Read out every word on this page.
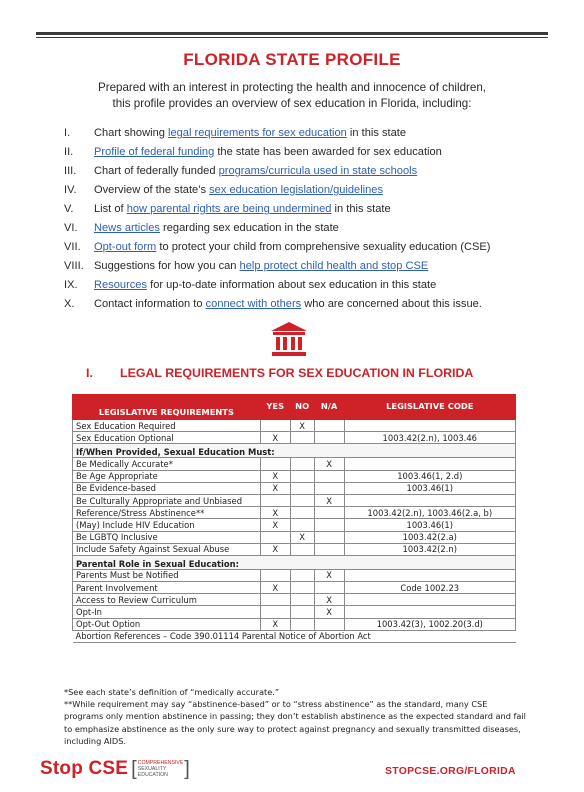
FLORIDA STATE PROFILE
Prepared with an interest in protecting the health and innocence of children,
this profile provides an overview of sex education in Florida, including:
I. Chart showing legal requirements for sex education in this state
II. Profile of federal funding the state has been awarded for sex education
III. Chart of federally funded programs/curricula used in state schools
IV. Overview of the state’s sex education legislation/guidelines
V. List of how parental rights are being undermined in this state
VI. News articles regarding sex education in the state
VII. Opt-out form to protect your child from comprehensive sexuality education (CSE)
VIII. Suggestions for how you can help protect child health and stop CSE
IX. Resources for up-to-date information about sex education in this state
X. Contact information to connect with others who are concerned about this issue.
I. LEGAL REQUIREMENTS FOR SEX EDUCATION IN FLORIDA
LEGISLATIVE REQUIREMENTS	YES	NO	N/A	LEGISLATIVE CODE
Sex Education Required		X		
Sex Education Optional	X			1003.42(2.n), 1003.46
If/When Provided, Sexual Education Must:				
Be Medically Accurate*			X	
Be Age Appropriate	X			1003.46(1, 2.d)
Be Evidence-based	X			1003.46(1)
Be Culturally Appropriate and Unbiased			X	
Reference/Stress Abstinence**	X			1003.42(2.n), 1003.46(2.a, b)
(May) Include HIV Education	X			1003.46(1)
Be LGBTQ Inclusive		X		1003.42(2.a)
Include Safety Against Sexual Abuse	X			1003.42(2.n)
Parental Role in Sexual Education:				
Parents Must be Notified			X	
Parent Involvement	X			Code 1002.23
Access to Review Curriculum			X	
Opt-In			X	
Opt-Out Option	X			1003.42(3), 1002.20(3.d)
Abortion References – Code 390.01114 Parental Notice of Abortion Act				
*See each state’s definition of “medically accurate.”
**While requirement may say “abstinence-based” or to “stress abstinence” as the standard, many CSE programs only mention abstinence in passing; they don’t establish abstinence as the expected standard and fail to emphasize abstinence as the only sure way to protect against pregnancy and sexually transmitted diseases, including AIDS.
Stop CSE [ COMPREHENSIVE
SEXUALITY
EDUCATION ]	STOPCSE.ORG/FLORIDA
